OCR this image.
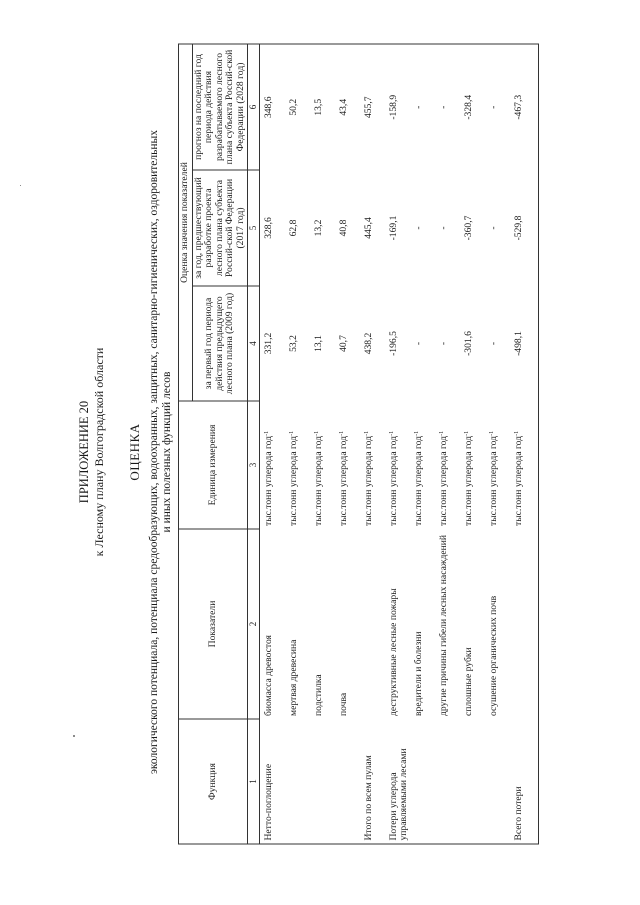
ПРИЛОЖЕНИЕ 20 к Лесному плану Волгоградской области ОЦЕНКА экологического потенциала, потенциала средообразующих, водоохранных, защитных, санитарно-гигиенических, оздоровительных и иных полезных функций лесов
Функция	Показатели	Единица измерения	Оценка значения показателей		
			за первый год периода действия предыдущего лесного плана (2009 год)	за год, предшествующий разработке проекта лесного плана субъекта Россий-ской Федерации (2017 год)	прогноз на последний год периода действия разрабатываемого лесного плана субъекта Россий-ской Федерации (2028 год)
1	2	3	4	5	6
Нетто-поглощение	биомасса древостоя	тыс.тонн углерода год$^{-1}$	331,2	328,6	348,6
	мертвая древесина	тыс.тонн углерода год$^{-1}$	53,2	62,8	50,2
	подстилка	тыс.тонн углерода год$^{-1}$	13,1	13,2	13,5
	почва	тыс.тонн углерода год$^{-1}$	40,7	40,8	43,4
Итого по всем пулам		тыс.тонн углерода год$^{-1}$	438,2	445,4	455,7
Потери углерода управляемыми лесами	деструктивные лесные пожары	тыс.тонн углерода год$^{-1}$	-196,5	-169,1	-158,9
	вредители и болезни	тыс.тонн углерода год$^{-1}$	-	-	-
	другие причины гибели лесных насаждений	тыс.тонн углерода год$^{-1}$	-	-	-
	сплошные рубки	тыс.тонн углерода год$^{-1}$	-301,6	-360,7	-328,4
	осушение органических почв	тыс.тонн углерода год$^{-1}$	-	-	-
Всего потери		тыс.тонн углерода год$^{-1}$	-498,1	-529,8	-467,3
